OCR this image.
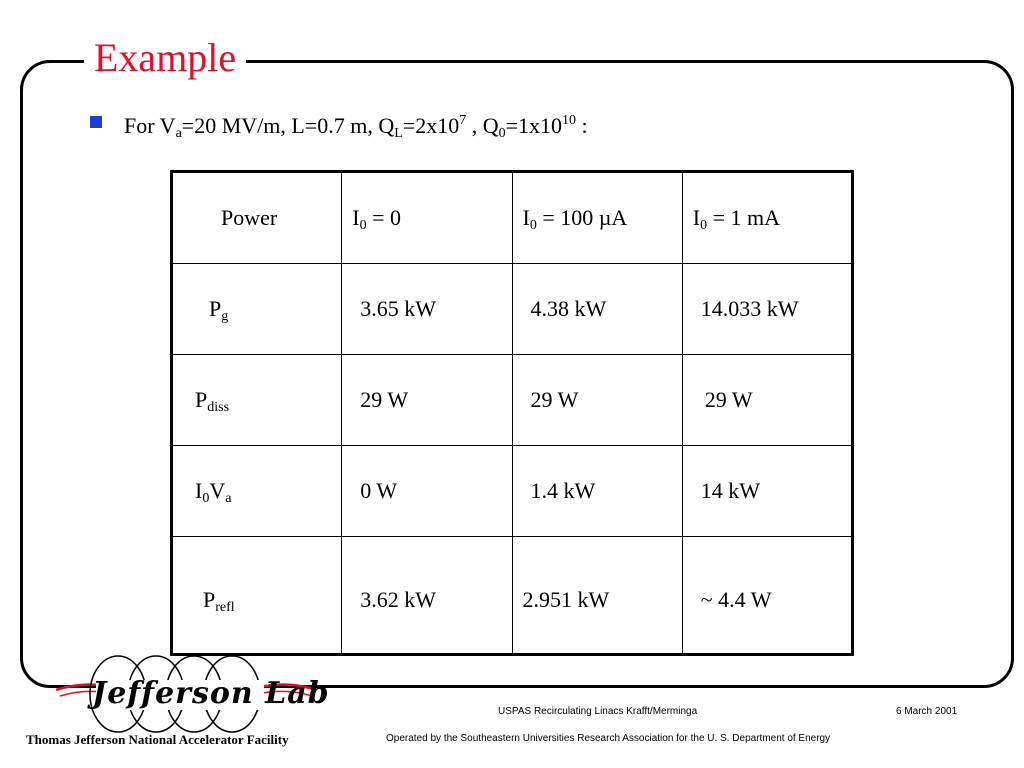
Example
For $V_a=20$ MV/m, L=0.7 m, $Q_L=2x10^7$ , $Q_0=1x10^{10}$ :
Power	$I_0 = 0$	$I_0 = 100$ µA	$I_0 = 1$ mA
$P_g$	3.65 kW	4.38 kW	14.033 kW
$P_{diss}$	29 W	29 W	29 W
$I_0V_a$	0 W	1.4 kW	14 kW
$P_{refl}$	3.62 kW	2.951 kW	~ 4.4 W
Jefferson Lab
Thomas Jefferson National Accelerator Facility
USPAS Recirculating Linacs Krafft/Merminga	6 March 2001
Operated by the Southeastern Universities Research Association for the U. S. Department of Energy
